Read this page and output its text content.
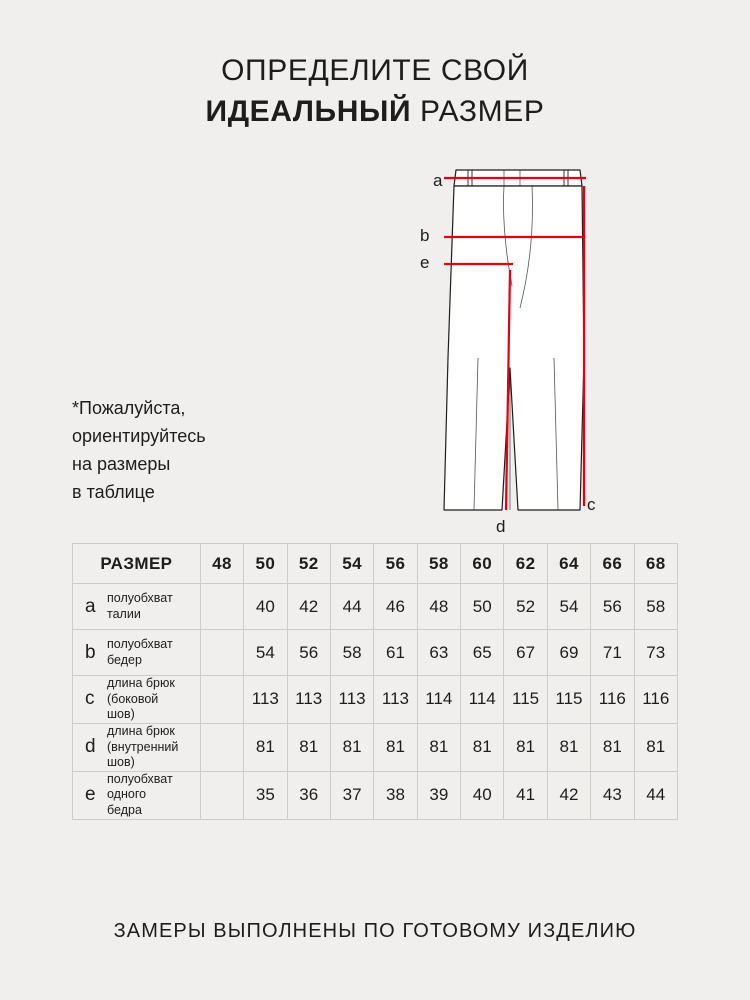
ОПРЕДЕЛИТЕ СВОЙ
ИДЕАЛЬНЫЙ РАЗМЕР
*Пожалуйста,
ориентируйтесь
на размеры
в таблице
a
b
e
c
d
РАЗМЕР	48	50	52	54	56	58	60	62	64	66	68

a полуобхват
талии		40	42	44	46	48	50	52	54	56	58

b полуобхват
бедер		54	56	58	61	63	65	67	69	71	73

c
длина брюк
(боковой
шов)		113	113	113	113	114	114	115	115	116	116

d
длина брюк
(внутренний
шов)		81	81	81	81	81	81	81	81	81	81

e
полуобхват
одного
бедра		35	36	37	38	39	40	41	42	43	44
ЗАМЕРЫ ВЫПОЛНЕНЫ ПО ГОТОВОМУ ИЗДЕЛИЮ
